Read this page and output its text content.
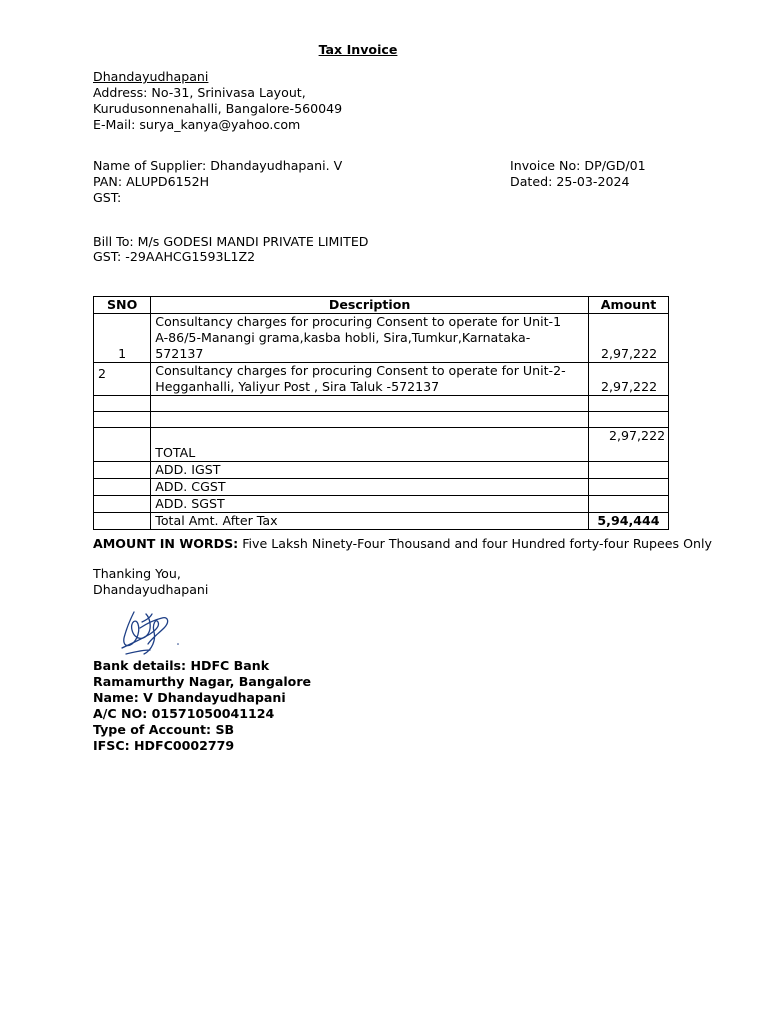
Tax Invoice
Dhandayudhapani
Address: No-31, Srinivasa Layout,
Kurudusonnenahalli, Bangalore-560049
E-Mail: surya_kanya@yahoo.com
Name of Supplier: Dhandayudhapani. V
PAN: ALUPD6152H
GST:
Invoice No: DP/GD/01
Dated: 25-03-2024
Bill To: M/s GODESI MANDI PRIVATE LIMITED
GST: -29AAHCG1593L1Z2
SNO	Description	Amount
1	Consultancy charges for procuring Consent to operate for Unit-1
A-86/5-Manangi grama,kasba hobli, Sira,Tumkur,Karnataka-
572137	2,97,222
2	Consultancy charges for procuring Consent to operate for Unit-2-
Hegganhalli, Yaliyur Post , Sira Taluk -572137	2,97,222

	TOTAL	2,97,222
	ADD. IGST	
	ADD. CGST	
	ADD. SGST	
	Total Amt. After Tax	5,94,444
AMOUNT IN WORDS: Five Laksh Ninety-Four Thousand and four Hundred forty-four Rupees Only
Thanking You,
Dhandayudhapani
Bank details: HDFC Bank
Ramamurthy Nagar, Bangalore
Name: V Dhandayudhapani
A/C NO: 01571050041124
Type of Account: SB
IFSC: HDFC0002779
